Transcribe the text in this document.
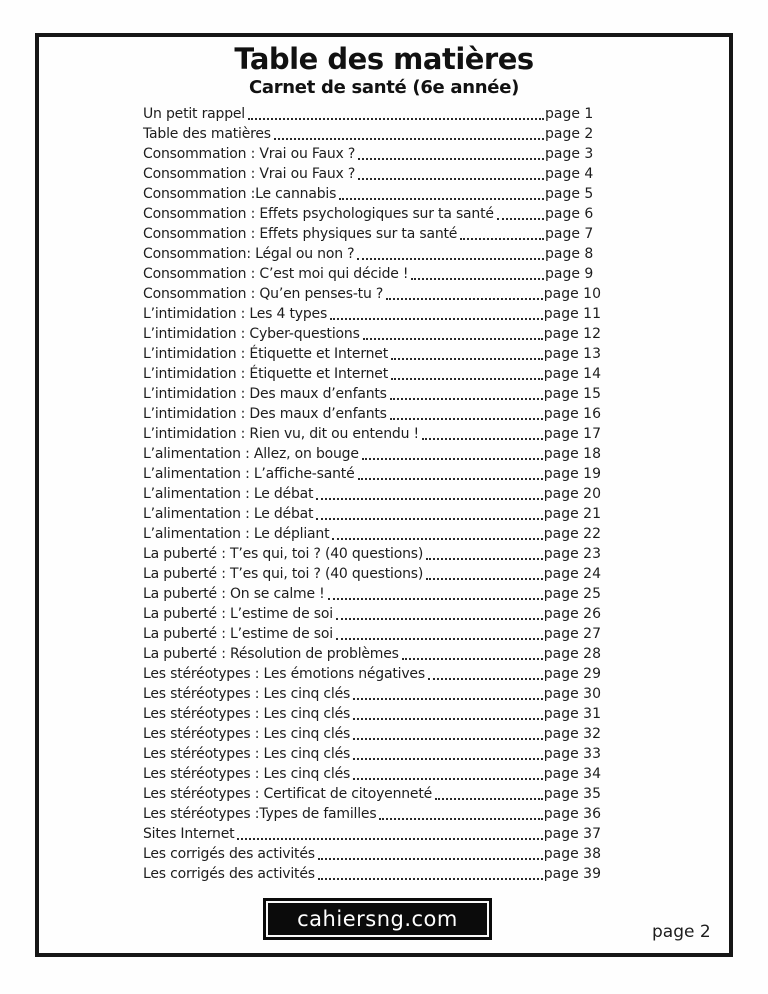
Table des matières
Carnet de santé (6e année)
Un petit rappel	page 1
Table des matières	page 2
Consommation : Vrai ou Faux ?	page 3
Consommation : Vrai ou Faux ?	page 4
Consommation :Le cannabis	page 5
Consommation : Effets psychologiques sur ta santé	page 6
Consommation : Effets physiques sur ta santé	page 7
Consommation: Légal ou non ?	page 8
Consommation : C’est moi qui décide !	page 9
Consommation : Qu’en penses-tu ?	page 10
L’intimidation : Les 4 types	page 11
L’intimidation : Cyber-questions	page 12
L’intimidation : Étiquette et Internet	page 13
L’intimidation : Étiquette et Internet	page 14
L’intimidation : Des maux d’enfants	page 15
L’intimidation : Des maux d’enfants	page 16
L’intimidation : Rien vu, dit ou entendu !	page 17
L’alimentation : Allez, on bouge	page 18
L’alimentation : L’affiche-santé	page 19
L’alimentation : Le débat	page 20
L’alimentation : Le débat	page 21
L’alimentation : Le dépliant	page 22
La puberté : T’es qui, toi ? (40 questions)	page 23
La puberté : T’es qui, toi ? (40 questions)	page 24
La puberté : On se calme !	page 25
La puberté : L’estime de soi	page 26
La puberté : L’estime de soi	page 27
La puberté : Résolution de problèmes	page 28
Les stéréotypes : Les émotions négatives	page 29
Les stéréotypes : Les cinq clés	page 30
Les stéréotypes : Les cinq clés	page 31
Les stéréotypes : Les cinq clés	page 32
Les stéréotypes : Les cinq clés	page 33
Les stéréotypes : Les cinq clés	page 34
Les stéréotypes : Certificat de citoyenneté	page 35
Les stéréotypes :Types de familles	page 36
Sites Internet	page 37
Les corrigés des activités	page 38
Les corrigés des activités	page 39
cahiersng.com
page 2
